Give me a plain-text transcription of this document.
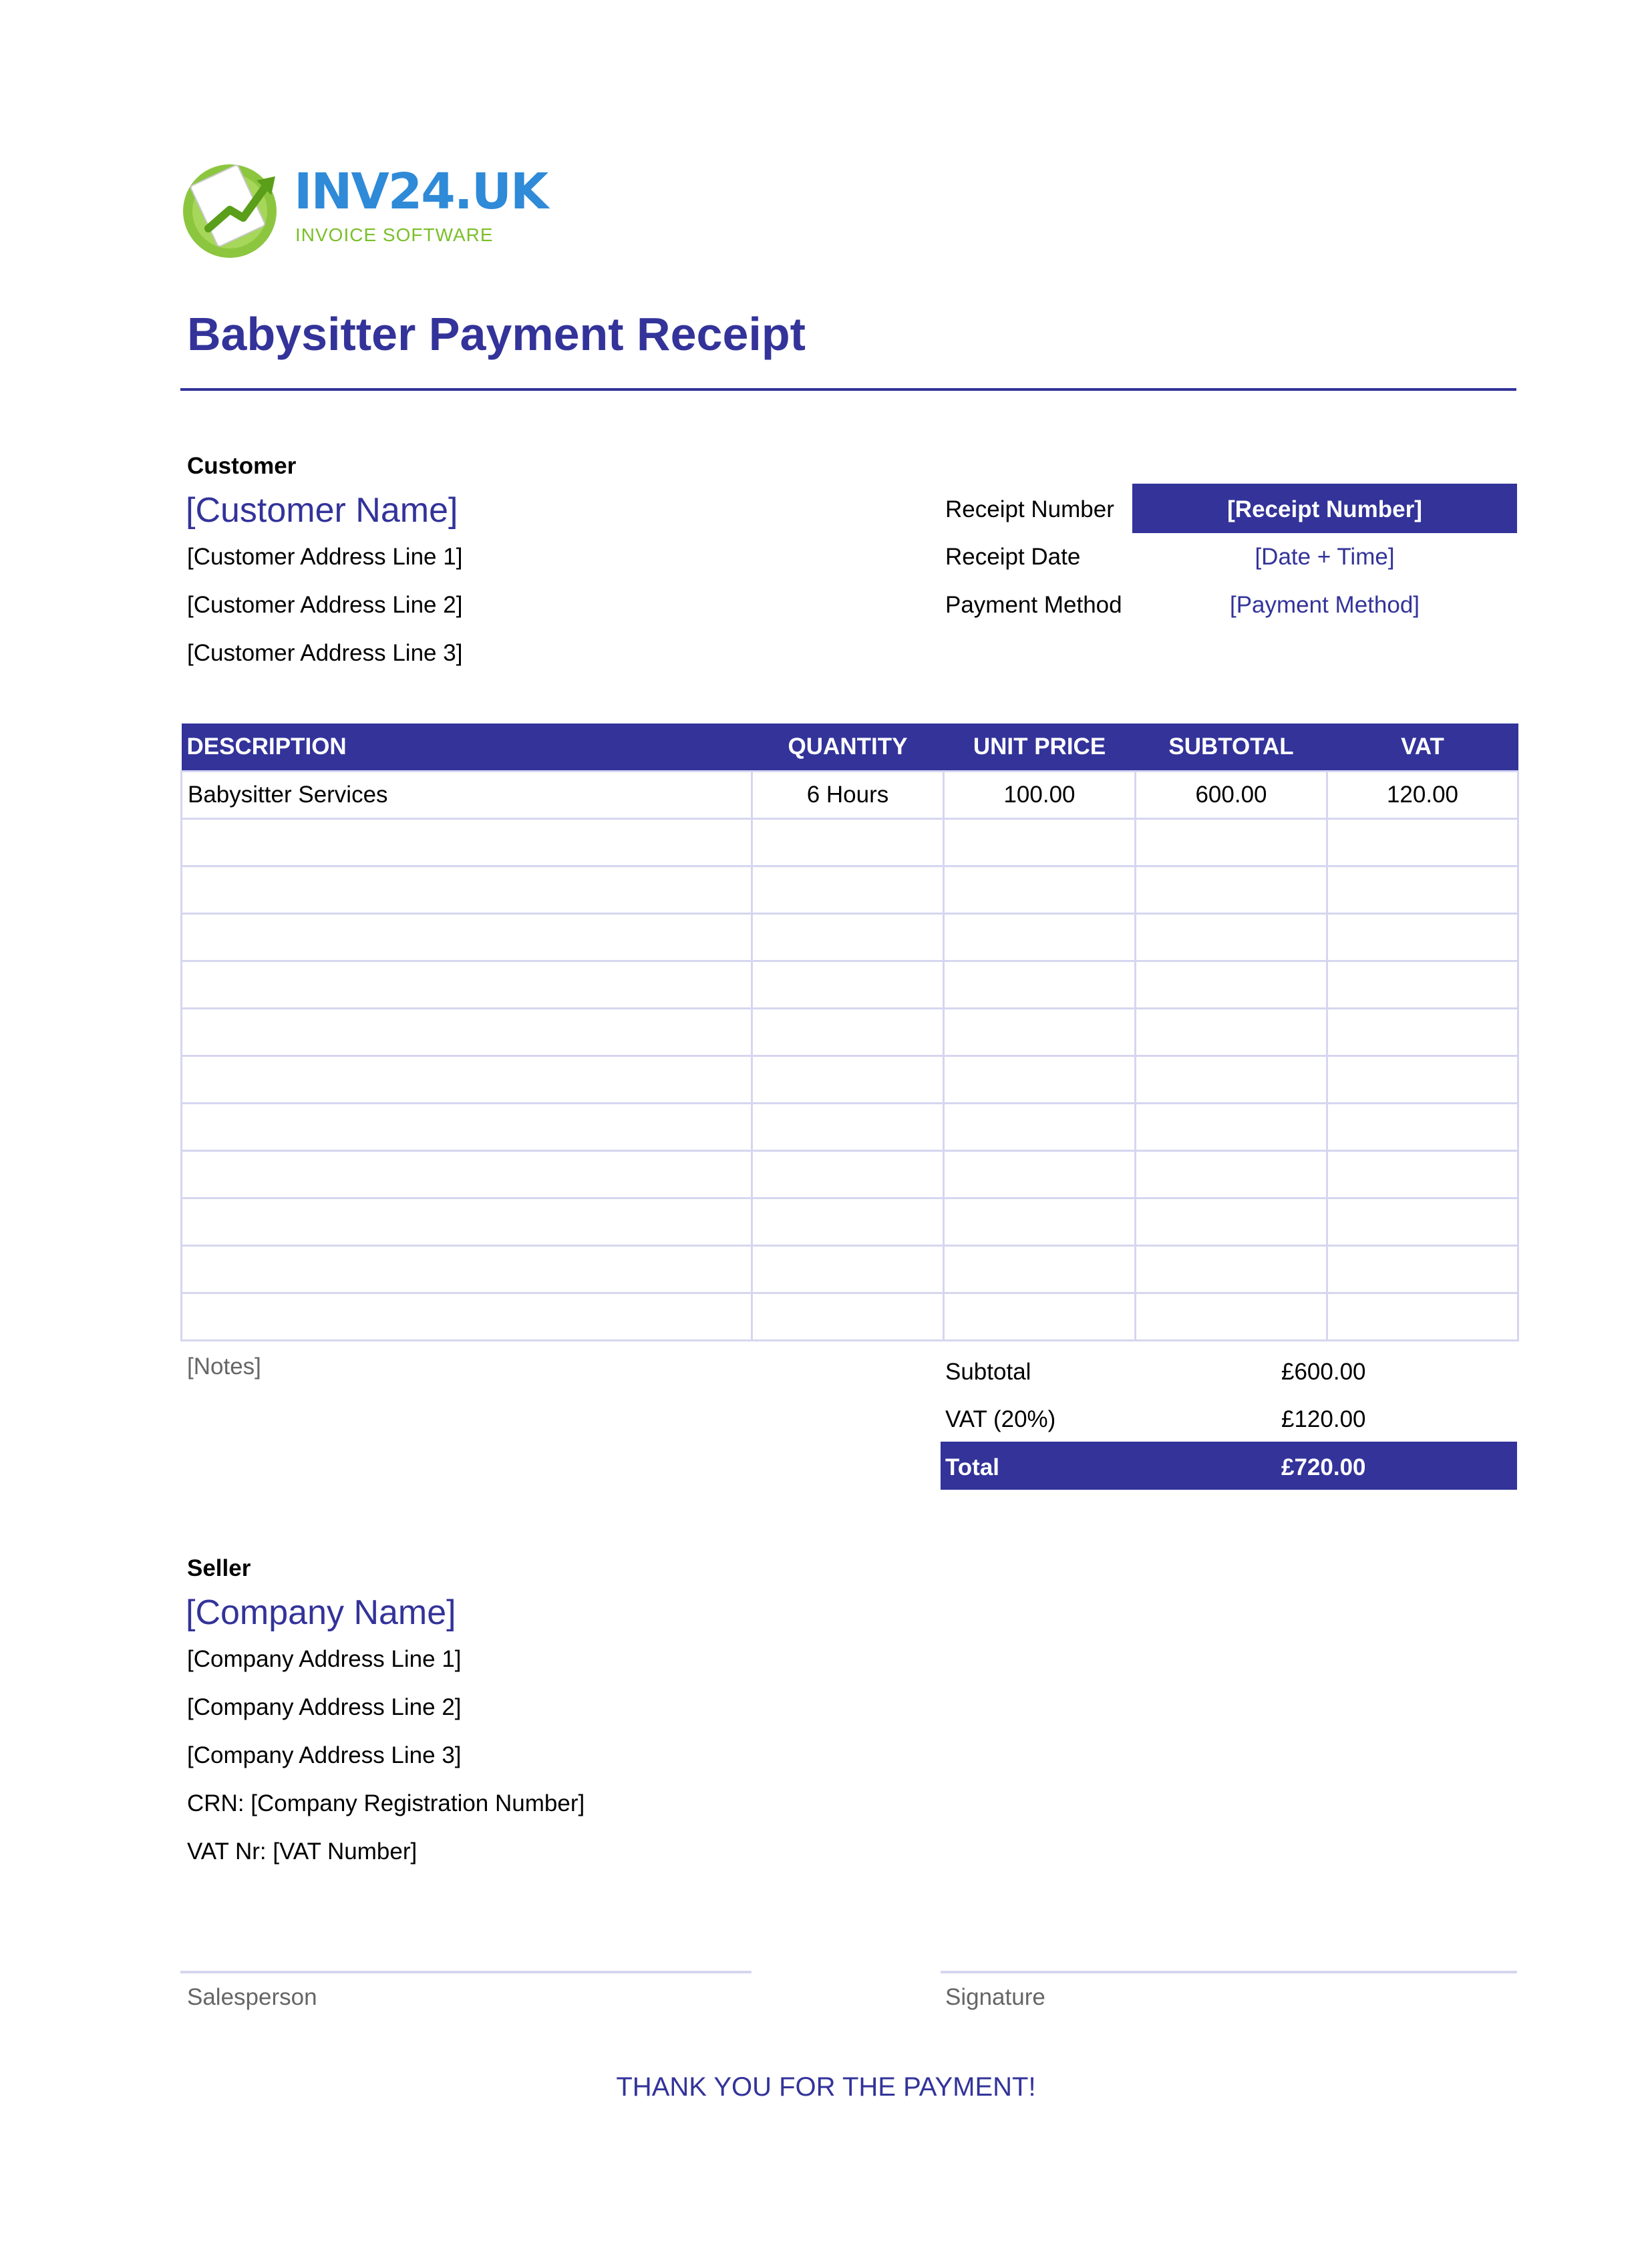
INV24.UK
INVOICE SOFTWARE
Babysitter Payment Receipt
Customer
[Customer Name]
[Customer Address Line 1]
[Customer Address Line 2]
[Customer Address Line 3]
Receipt Number	[Receipt Number]
Receipt Date	[Date + Time]
Payment Method	[Payment Method]
DESCRIPTION	QUANTITY	UNIT PRICE	SUBTOTAL	VAT
Babysitter Services	6 Hours	100.00	600.00	120.00

[Notes]	Subtotal	£600.00
VAT (20%)	£120.00
Total	£720.00
Seller
[Company Name]
[Company Address Line 1]
[Company Address Line 2]
[Company Address Line 3]
CRN: [Company Registration Number]
VAT Nr: [VAT Number]
Salesperson	Signature
THANK YOU FOR THE PAYMENT!
